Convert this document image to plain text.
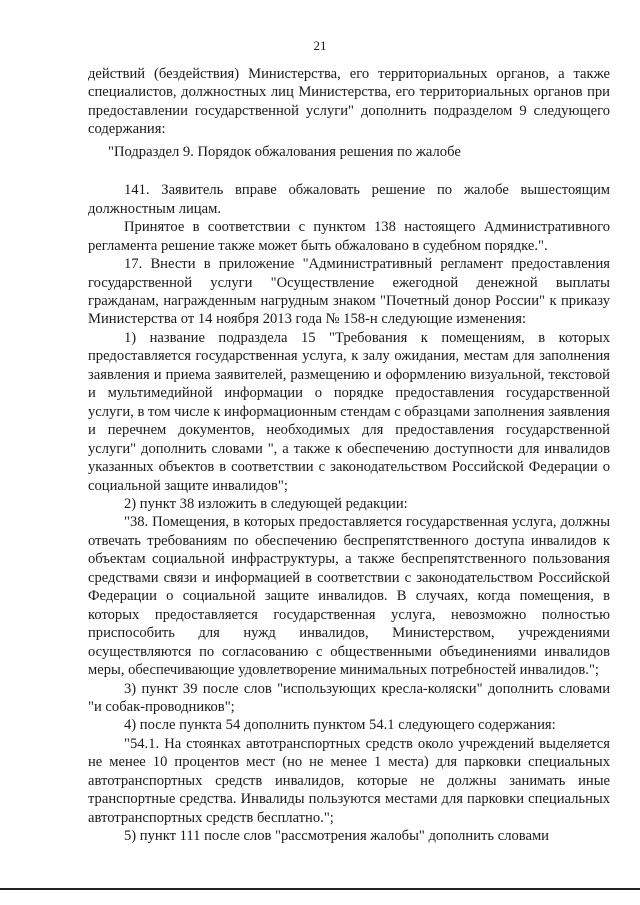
21

действий (бездействия) Министерства, его территориальных органов, а также специалистов, должностных лиц Министерства, его территориальных органов при предоставлении государственной услуги" дополнить подразделом 9 следующего содержания:

"Подраздел 9. Порядок обжалования решения по жалобе

141. Заявитель вправе обжаловать решение по жалобе вышестоящим должностным лицам.

Принятое в соответствии с пунктом 138 настоящего Административного регламента решение также может быть обжаловано в судебном порядке.".

17. Внести в приложение "Административный регламент предоставления государственной услуги "Осуществление ежегодной денежной выплаты гражданам, награжденным нагрудным знаком "Почетный донор России" к приказу Министерства от 14 ноября 2013 года № 158-н следующие изменения:

1) название подраздела 15 "Требования к помещениям, в которых предоставляется государственная услуга, к залу ожидания, местам для заполнения заявления и приема заявителей, размещению и оформлению визуальной, текстовой и мультимедийной информации о порядке предоставления государственной услуги, в том числе к информационным стендам с образцами заполнения заявления и перечнем документов, необходимых для предоставления государственной услуги" дополнить словами ", а также к обеспечению доступности для инвалидов указанных объектов в соответствии с законодательством Российской Федерации о социальной защите инвалидов";

2) пункт 38 изложить в следующей редакции:

"38. Помещения, в которых предоставляется государственная услуга, должны отвечать требованиям по обеспечению беспрепятственного доступа инвалидов к объектам социальной инфраструктуры, а также беспрепятственного пользования средствами связи и информацией в соответствии с законодательством Российской Федерации о социальной защите инвалидов. В случаях, когда помещения, в которых предоставляется государственная услуга, невозможно полностью приспособить для нужд инвалидов, Министерством, учреждениями осуществляются по согласованию с общественными объединениями инвалидов меры, обеспечивающие удовлетворение минимальных потребностей инвалидов.";

3) пункт 39 после слов "использующих кресла-коляски" дополнить словами "и собак-проводников";

4) после пункта 54 дополнить пунктом 54.1 следующего содержания:

"54.1. На стоянках автотранспортных средств около учреждений выделяется не менее 10 процентов мест (но не менее 1 места) для парковки специальных автотранспортных средств инвалидов, которые не должны занимать иные транспортные средства. Инвалиды пользуются местами для парковки специальных автотранспортных средств бесплатно.";

5) пункт 111 после слов "рассмотрения жалобы" дополнить словами
